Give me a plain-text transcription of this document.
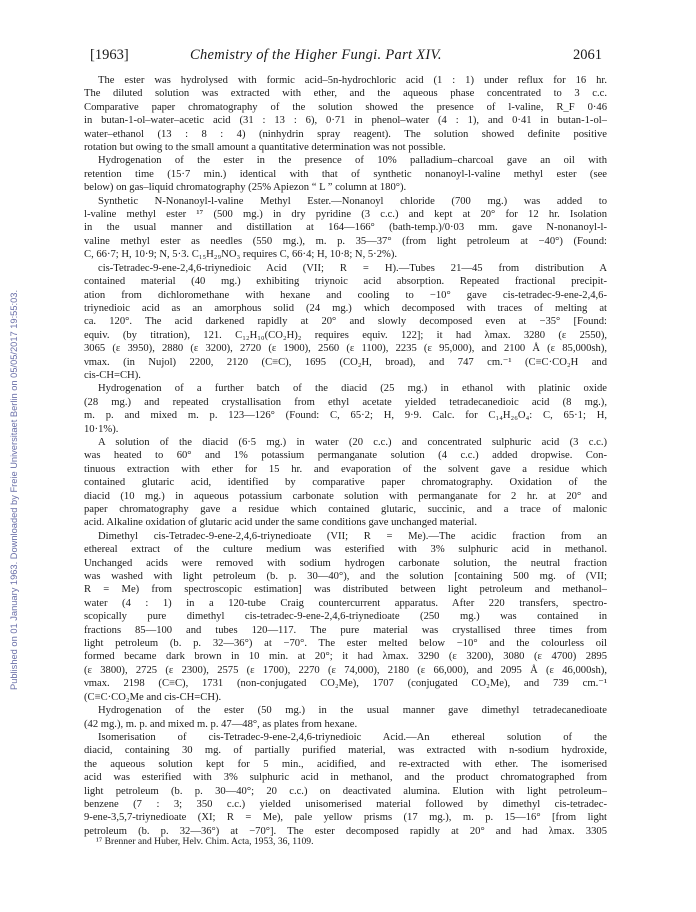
[1963]	Chemistry of the Higher Fungi. Part XIV.	2061
Published on 01 January 1963. Downloaded by Freie Universitaet Berlin on 05/05/2017 19:55:03.
The ester was hydrolysed with formic acid–5n-hydrochloric acid (1 : 1) under reflux for 16 hr.
The diluted solution was extracted with ether, and the aqueous phase concentrated to 3 c.c.
Comparative paper chromatography of the solution showed the presence of l-valine, R_F 0·46
in butan-1-ol–water–acetic acid (31 : 13 : 6), 0·71 in phenol–water (4 : 1), and 0·41 in butan-1-ol–
water–ethanol (13 : 8 : 4) (ninhydrin spray reagent). The solution showed definite positive
rotation but owing to the small amount a quantitative determination was not possible.
Hydrogenation of the ester in the presence of 10% palladium–charcoal gave an oil with
retention time (15·7 min.) identical with that of synthetic nonanoyl-l-valine methyl ester (see
below) on gas–liquid chromatography (25% Apiezon “ L ” column at 180°).
Synthetic N-Nonanoyl-l-valine Methyl Ester.—Nonanoyl chloride (700 mg.) was added to
l-valine methyl ester ¹⁷ (500 mg.) in dry pyridine (3 c.c.) and kept at 20° for 12 hr. Isolation
in the usual manner and distillation at 164—166° (bath-temp.)/0·03 mm. gave N-nonanoyl-l-
valine methyl ester as needles (550 mg.), m. p. 35—37° (from light petroleum at −40°) (Found:
C, 66·7; H, 10·9; N, 5·3. C₁₅H₂₉NO₃ requires C, 66·4; H, 10·8; N, 5·2%).
cis-Tetradec-9-ene-2,4,6-triynedioic Acid (VII; R = H).—Tubes 21—45 from distribution A
contained material (40 mg.) exhibiting triynoic acid absorption. Repeated fractional precipit-
ation from dichloromethane with hexane and cooling to −10° gave cis-tetradec-9-ene-2,4,6-
triynedioic acid as an amorphous solid (24 mg.) which decomposed with traces of melting at
ca. 120°. The acid darkened rapidly at 20° and slowly decomposed even at −35° [Found:
equiv. (by titration), 121. C₁₂H₁₀(CO₂H)₂ requires equiv. 122]; it had λmax. 3280 (ε 2550),
3065 (ε 3950), 2880 (ε 3200), 2720 (ε 1900), 2560 (ε 1100), 2235 (ε 95,000), and 2100 Å (ε 85,000sh),
νmax. (in Nujol) 2200, 2120 (C≡C), 1695 (CO₂H, broad), and 747 cm.⁻¹ (C≡C·CO₂H and
cis-CH=CH).
Hydrogenation of a further batch of the diacid (25 mg.) in ethanol with platinic oxide
(28 mg.) and repeated crystallisation from ethyl acetate yielded tetradecanedioic acid (8 mg.),
m. p. and mixed m. p. 123—126° (Found: C, 65·2; H, 9·9. Calc. for C₁₄H₂₆O₄: C, 65·1; H,
10·1%).
A solution of the diacid (6·5 mg.) in water (20 c.c.) and concentrated sulphuric acid (3 c.c.)
was heated to 60° and 1% potassium permanganate solution (4 c.c.) added dropwise. Con-
tinuous extraction with ether for 15 hr. and evaporation of the solvent gave a residue which
contained glutaric acid, identified by comparative paper chromatography. Oxidation of the
diacid (10 mg.) in aqueous potassium carbonate solution with permanganate for 2 hr. at 20° and
paper chromatography gave a residue which contained glutaric, succinic, and a trace of malonic
acid. Alkaline oxidation of glutaric acid under the same conditions gave unchanged material.
Dimethyl cis-Tetradec-9-ene-2,4,6-triynedioate (VII; R = Me).—The acidic fraction from an
ethereal extract of the culture medium was esterified with 3% sulphuric acid in methanol.
Unchanged acids were removed with sodium hydrogen carbonate solution, the neutral fraction
was washed with light petroleum (b. p. 30—40°), and the solution [containing 500 mg. of (VII;
R = Me) from spectroscopic estimation] was distributed between light petroleum and methanol–
water (4 : 1) in a 120-tube Craig countercurrent apparatus. After 220 transfers, spectro-
scopically pure dimethyl cis-tetradec-9-ene-2,4,6-triynedioate (250 mg.) was contained in
fractions 85—100 and tubes 120—117. The pure material was crystallised three times from
light petroleum (b. p. 32—36°) at −70°. The ester melted below −10° and the colourless oil
formed became dark brown in 10 min. at 20°; it had λmax. 3290 (ε 3200), 3080 (ε 4700) 2895
(ε 3800), 2725 (ε 2300), 2575 (ε 1700), 2270 (ε 74,000), 2180 (ε 66,000), and 2095 Å (ε 46,000sh),
νmax. 2198 (C≡C), 1731 (non-conjugated CO₂Me), 1707 (conjugated CO₂Me), and 739 cm.⁻¹
(C≡C·CO₂Me and cis-CH=CH).
Hydrogenation of the ester (50 mg.) in the usual manner gave dimethyl tetradecanedioate
(42 mg.), m. p. and mixed m. p. 47—48°, as plates from hexane.
Isomerisation of cis-Tetradec-9-ene-2,4,6-triynedioic Acid.—An ethereal solution of the
diacid, containing 30 mg. of partially purified material, was extracted with n-sodium hydroxide,
the aqueous solution kept for 5 min., acidified, and re-extracted with ether. The isomerised
acid was esterified with 3% sulphuric acid in methanol, and the product chromatographed from
light petroleum (b. p. 30—40°; 20 c.c.) on deactivated alumina. Elution with light petroleum–
benzene (7 : 3; 350 c.c.) yielded unisomerised material followed by dimethyl cis-tetradec-
9-ene-3,5,7-triynedioate (XI; R = Me), pale yellow prisms (17 mg.), m. p. 15—16° [from light
petroleum (b. p. 32—36°) at −70°]. The ester decomposed rapidly at 20° and had λmax. 3305
¹⁷ Brenner and Huber, Helv. Chim. Acta, 1953, 36, 1109.
